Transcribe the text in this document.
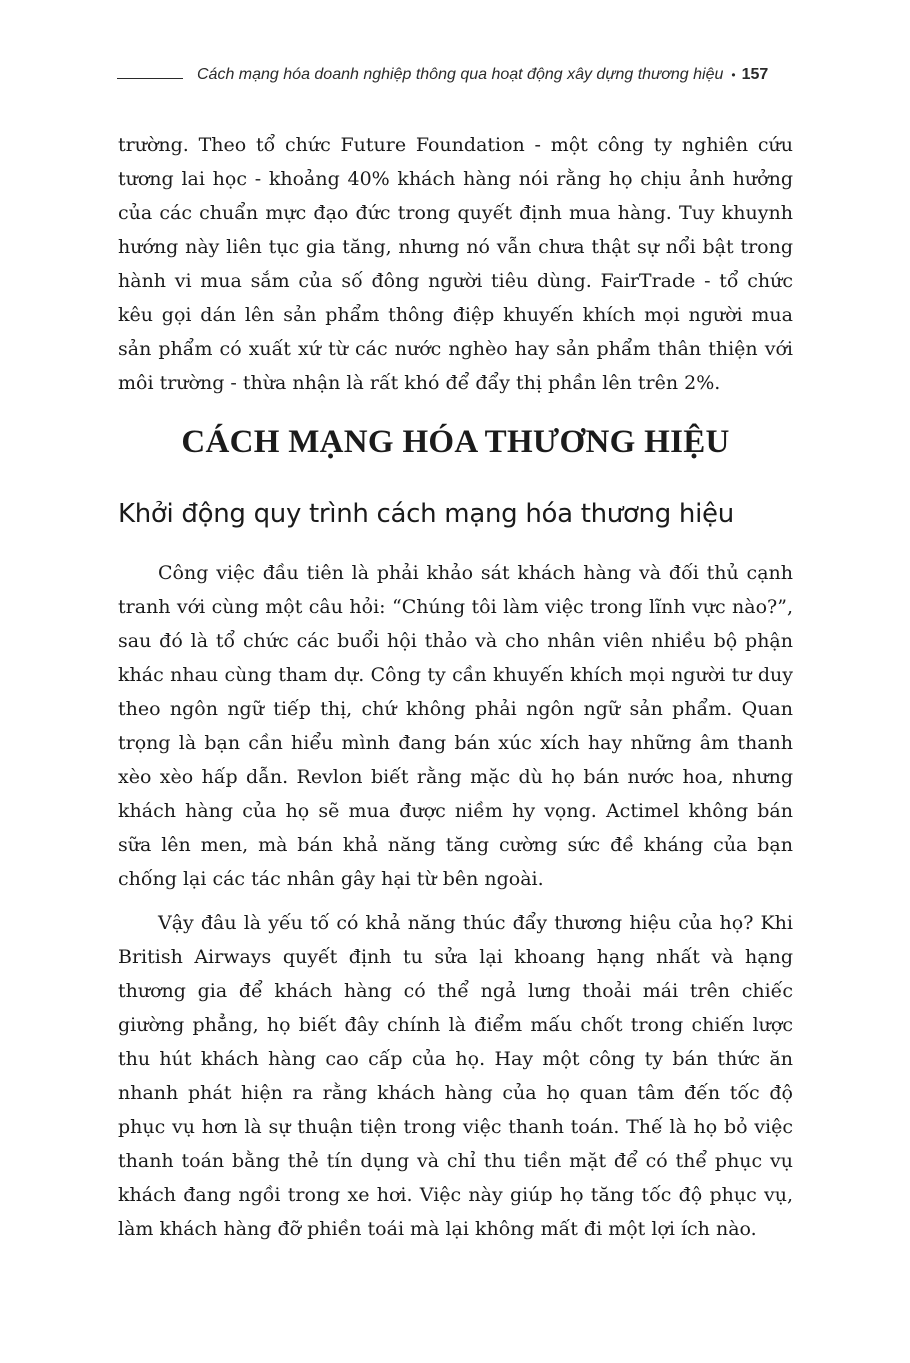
Cách mạng hóa doanh nghiệp thông qua hoạt động xây dựng thương hiệu • 157

trường. Theo tổ chức Future Foundation - một công ty nghiên cứu tương lai học - khoảng 40% khách hàng nói rằng họ chịu ảnh hưởng của các chuẩn mực đạo đức trong quyết định mua hàng. Tuy khuynh hướng này liên tục gia tăng, nhưng nó vẫn chưa thật sự nổi bật trong hành vi mua sắm của số đông người tiêu dùng. FairTrade - tổ chức kêu gọi dán lên sản phẩm thông điệp khuyến khích mọi người mua sản phẩm có xuất xứ từ các nước nghèo hay sản phẩm thân thiện với môi trường - thừa nhận là rất khó để đẩy thị phần lên trên 2%.

CÁCH MẠNG HÓA THƯƠNG HIỆU
Khởi động quy trình cách mạng hóa thương hiệu

Công việc đầu tiên là phải khảo sát khách hàng và đối thủ cạnh tranh với cùng một câu hỏi: “Chúng tôi làm việc trong lĩnh vực nào?”, sau đó là tổ chức các buổi hội thảo và cho nhân viên nhiều bộ phận khác nhau cùng tham dự. Công ty cần khuyến khích mọi người tư duy theo ngôn ngữ tiếp thị, chứ không phải ngôn ngữ sản phẩm. Quan trọng là bạn cần hiểu mình đang bán xúc xích hay những âm thanh xèo xèo hấp dẫn. Revlon biết rằng mặc dù họ bán nước hoa, nhưng khách hàng của họ sẽ mua được niềm hy vọng. Actimel không bán sữa lên men, mà bán khả năng tăng cường sức đề kháng của bạn chống lại các tác nhân gây hại từ bên ngoài.

Vậy đâu là yếu tố có khả năng thúc đẩy thương hiệu của họ? Khi British Airways quyết định tu sửa lại khoang hạng nhất và hạng thương gia để khách hàng có thể ngả lưng thoải mái trên chiếc giường phẳng, họ biết đây chính là điểm mấu chốt trong chiến lược thu hút khách hàng cao cấp của họ. Hay một công ty bán thức ăn nhanh phát hiện ra rằng khách hàng của họ quan tâm đến tốc độ phục vụ hơn là sự thuận tiện trong việc thanh toán. Thế là họ bỏ việc thanh toán bằng thẻ tín dụng và chỉ thu tiền mặt để có thể phục vụ khách đang ngồi trong xe hơi. Việc này giúp họ tăng tốc độ phục vụ, làm khách hàng đỡ phiền toái mà lại không mất đi một lợi ích nào.
